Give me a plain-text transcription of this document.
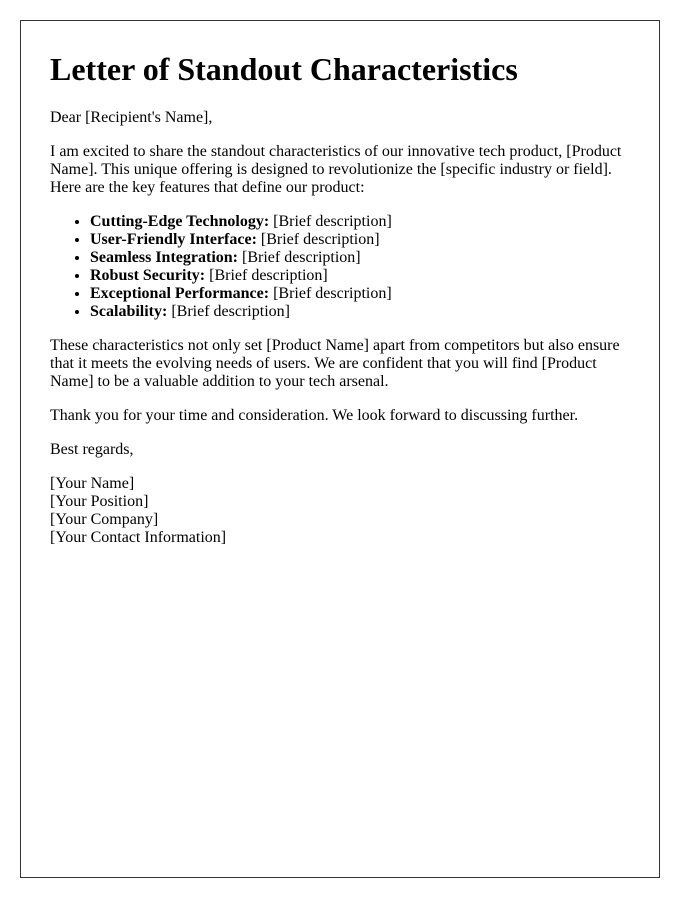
Letter of Standout Characteristics

Dear [Recipient's Name],

I am excited to share the standout characteristics of our innovative tech product, [Product Name]. This unique offering is designed to revolutionize the [specific industry or field]. Here are the key features that define our product:

• Cutting-Edge Technology: [Brief description]
• User-Friendly Interface: [Brief description]
• Seamless Integration: [Brief description]
• Robust Security: [Brief description]
• Exceptional Performance: [Brief description]
• Scalability: [Brief description]

These characteristics not only set [Product Name] apart from competitors but also ensure that it meets the evolving needs of users. We are confident that you will find [Product Name] to be a valuable addition to your tech arsenal.

Thank you for your time and consideration. We look forward to discussing further.

Best regards,

[Your Name]
[Your Position]
[Your Company]
[Your Contact Information]
